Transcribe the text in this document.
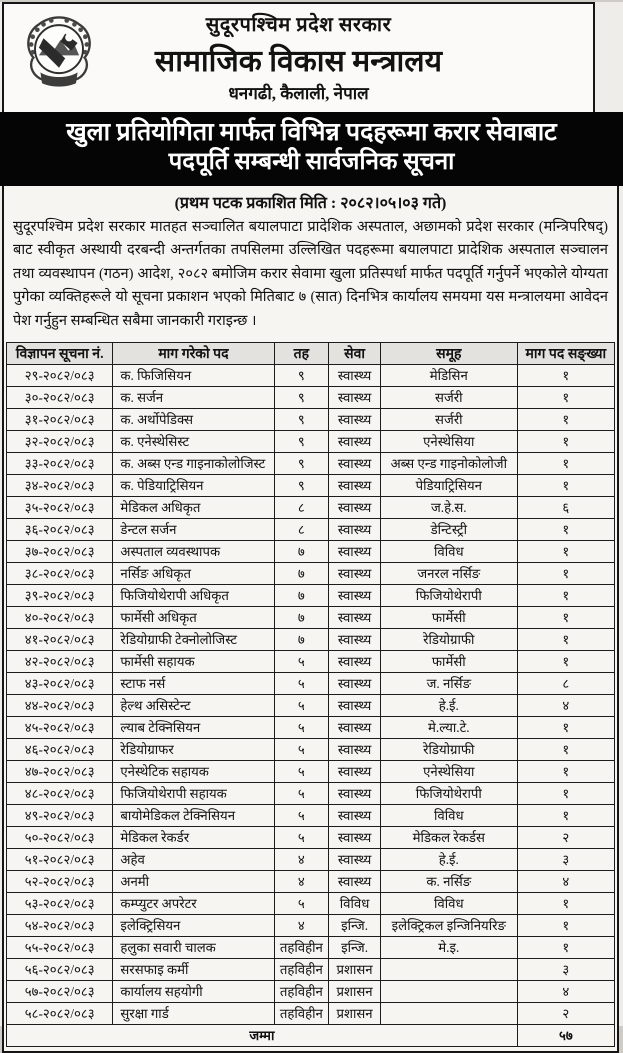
सुदूरपश्चिम प्रदेश सरकार
सामाजिक विकास मन्त्रालय
धनगढी, कैलाली, नेपाल
खुला प्रतियोगिता मार्फत विभिन्न पदहरूमा करार सेवाबाट
पदपूर्ति सम्बन्धी सार्वजनिक सूचना
(प्रथम पटक प्रकाशित मिति : २०८२।०५।०३ गते)
सुदूरपश्चिम प्रदेश सरकार मातहत सञ्चालित बयालपाटा प्रादेशिक अस्पताल, अछामको प्रदेश सरकार (मन्त्रिपरिषद्) बाट स्वीकृत अस्थायी दरबन्दी अन्तर्गतका तपसिलमा उल्लिखित पदहरूमा बयालपाटा प्रादेशिक अस्पताल सञ्चालन तथा व्यवस्थापन (गठन) आदेश, २०८२ बमोजिम करार सेवामा खुला प्रतिस्पर्धा मार्फत पदपूर्ति गर्नुपर्ने भएकोले योग्यता पुगेका व्यक्तिहरूले यो सूचना प्रकाशन भएको मितिबाट ७ (सात) दिनभित्र कार्यालय समयमा यस मन्त्रालयमा आवेदन पेश गर्नुहुन सम्बन्धित सबैमा जानकारी गराइन्छ ।
विज्ञापन सूचना नं.	माग गरेको पद	तह	सेवा	समूह	माग पद सङ्ख्या
२९-२०८२/०८३	क. फिजिसियन	९	स्वास्थ्य	मेडिसिन	१
३०-२०८२/०८३	क. सर्जन	९	स्वास्थ्य	सर्जरी	१
३१-२०८२/०८३	क. अर्थोपेडिक्स	९	स्वास्थ्य	सर्जरी	१
३२-२०८२/०८३	क. एनेस्थेसिस्ट	९	स्वास्थ्य	एनेस्थेसिया	१
३३-२०८२/०८३	क. अब्स एन्ड गाइनाकोलोजिस्ट	९	स्वास्थ्य	अब्स एन्ड गाइनोकोलोजी	१
३४-२०८२/०८३	क. पेडियाट्रिसियन	९	स्वास्थ्य	पेडियाट्रिसियन	१
३५-२०८२/०८३	मेडिकल अधिकृत	८	स्वास्थ्य	ज.हे.स.	६
३६-२०८२/०८३	डेन्टल सर्जन	८	स्वास्थ्य	डेन्टिस्ट्री	१
३७-२०८२/०८३	अस्पताल व्यवस्थापक	७	स्वास्थ्य	विविध	१
३८-२०८२/०८३	नर्सिङ अधिकृत	७	स्वास्थ्य	जनरल नर्सिङ	१
३९-२०८२/०८३	फिजियोथेरापी अधिकृत	७	स्वास्थ्य	फिजियोथेरापी	१
४०-२०८२/०८३	फार्मेसी अधिकृत	७	स्वास्थ्य	फार्मेसी	१
४१-२०८२/०८३	रेडियोग्राफी टेक्नोलोजिस्ट	७	स्वास्थ्य	रेडियोग्राफी	१
४२-२०८२/०८३	फार्मेसी सहायक	५	स्वास्थ्य	फार्मेसी	१
४३-२०८२/०८३	स्टाफ नर्स	५	स्वास्थ्य	ज. नर्सिङ	८
४४-२०८२/०८३	हेल्थ असिस्टेन्ट	५	स्वास्थ्य	हे.ई.	४
४५-२०८२/०८३	ल्याब टेक्निसियन	५	स्वास्थ्य	मे.ल्या.टे.	१
४६-२०८२/०८३	रेडियोग्राफर	५	स्वास्थ्य	रेडियोग्राफी	१
४७-२०८२/०८३	एनेस्थेटिक सहायक	५	स्वास्थ्य	एनेस्थेसिया	१
४८-२०८२/०८३	फिजियोथेरापी सहायक	५	स्वास्थ्य	फिजियोथेरापी	१
४९-२०८२/०८३	बायोमेडिकल टेक्निसियन	५	स्वास्थ्य	विविध	१
५०-२०८२/०८३	मेडिकल रेकर्डर	५	स्वास्थ्य	मेडिकल रेकर्डस	२
५१-२०८२/०८३	अहेव	४	स्वास्थ्य	हे.ई.	३
५२-२०८२/०८३	अनमी	४	स्वास्थ्य	क. नर्सिङ	४
५३-२०८२/०८३	कम्प्युटर अपरेटर	५	विविध	विविध	१
५४-२०८२/०८३	इलेक्ट्रिसियन	४	इन्जि.	इलेक्ट्रिकल इन्जिनियरिङ	१
५५-२०८२/०८३	हलुका सवारी चालक	तहविहीन	इन्जि.	मे.इ.	१
५६-२०८२/०८३	सरसफाइ कर्मी	तहविहीन	प्रशासन		३
५७-२०८२/०८३	कार्यालय सहयोगी	तहविहीन	प्रशासन		४
५८-२०८२/०८३	सुरक्षा गार्ड	तहविहीन	प्रशासन		२
जम्मा					५७
